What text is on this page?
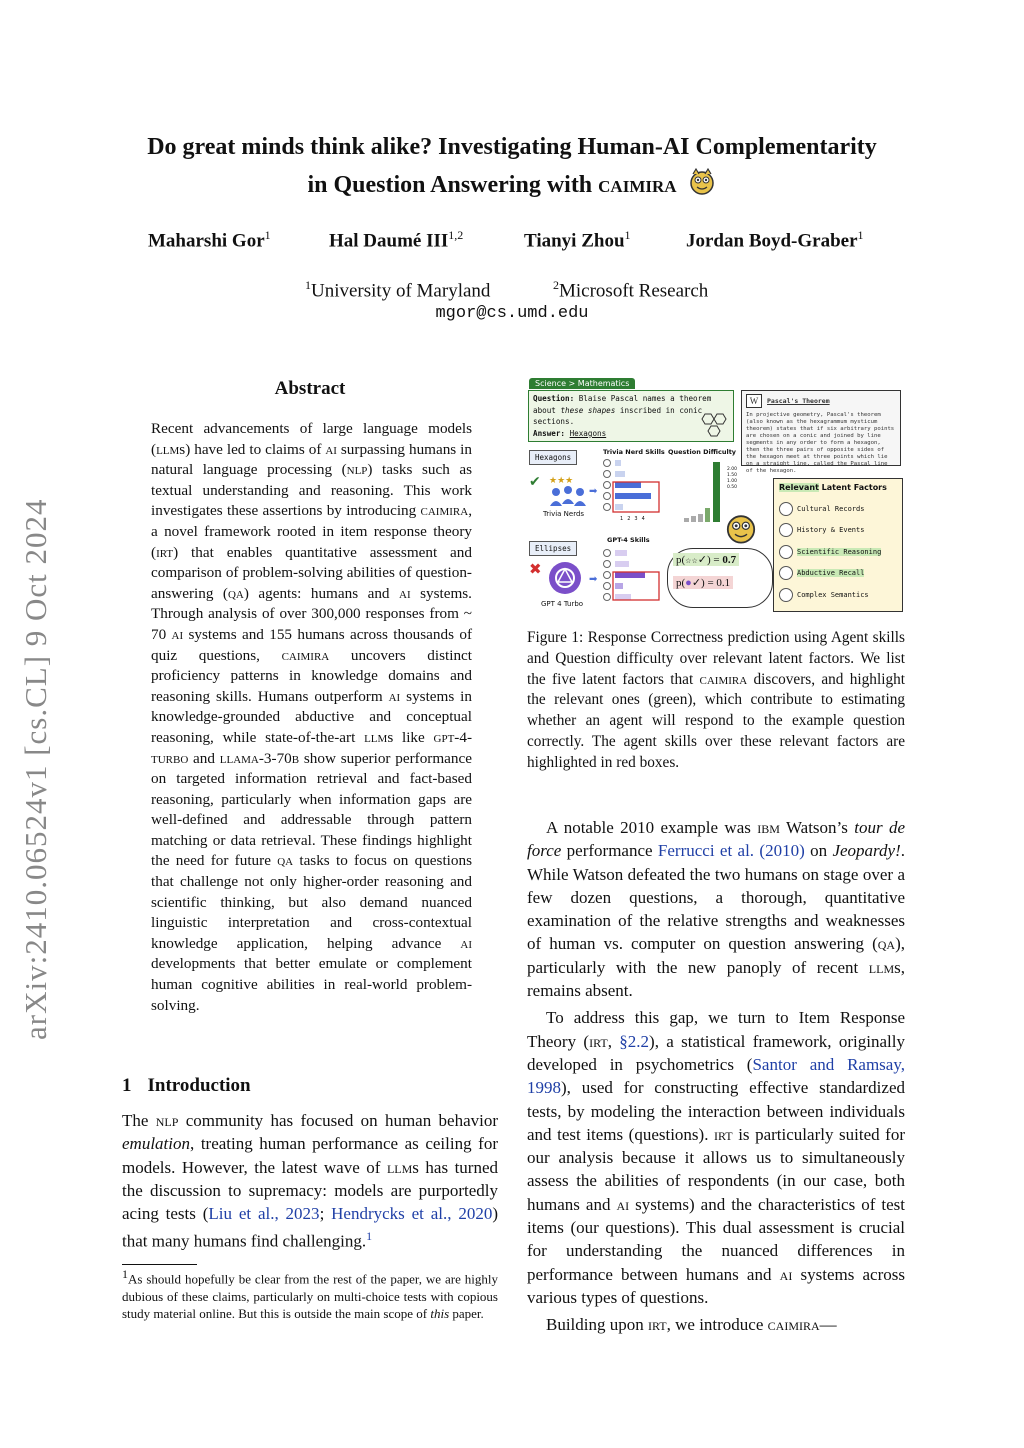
Do great minds think alike? Investigating Human-AI Complementarity
in Question Answering with caimira
Maharshi Gor$^1$	Hal Daumé III$^{1,2}$	Tianyi Zhou$^1$	Jordan Boyd-Graber$^1$
$^1$University of Maryland	$^2$Microsoft Research
mgor@cs.umd.edu
arXiv:2410.06524v1 [cs.CL] 9 Oct 2024
Abstract
Recent advancements of large language models (llms) have led to claims of ai surpassing humans in natural language processing (nlp) tasks such as textual understanding and reasoning. This work investigates these assertions by introducing caimira, a novel framework rooted in item response theory (irt) that enables quantitative assessment and comparison of problem-solving abilities of question-answering (qa) agents: humans and ai systems. Through analysis of over 300,000 responses from ~ 70 ai systems and 155 humans across thousands of quiz questions, caimira uncovers distinct proficiency patterns in knowledge domains and reasoning skills. Humans outperform ai systems in knowledge-grounded abductive and conceptual reasoning, while state-of-the-art llms like gpt-4-turbo and llama-3-70b show superior performance on targeted information retrieval and fact-based reasoning, particularly when information gaps are well-defined and addressable through pattern matching or data retrieval. These findings highlight the need for future qa tasks to focus on questions that challenge not only higher-order reasoning and scientific thinking, but also demand nuanced linguistic interpretation and cross-contextual knowledge application, helping advance ai developments that better emulate or complement human cognitive abilities in real-world problem-solving.
1 Introduction
The nlp community has focused on human behavior emulation, treating human performance as ceiling for models. However, the latest wave of llms has turned the discussion to supremacy: models are purportedly acing tests (Liu et al., 2023; Hendrycks et al., 2020) that many humans find challenging.$^1$
$^1$As should hopefully be clear from the rest of the paper, we are highly dubious of these claims, particularly on multi-choice tests with copious study material online. But this is outside the main scope of this paper.
Science > Mathematics
Question: Blaise Pascal names a theorem about these shapes inscribed in conic sections.
Answer: Hexagons
W	Pascal's Theorem
In projective geometry, Pascal's theorem (also known as the hexagrammum mysticum theorem) states that if six arbitrary points are chosen on a conic and joined by line segments in any order to form a hexagon, then the three pairs of opposite sides of the hexagon meet at three points which lie on a straight line, called the Pascal line of the hexagon.
Hexagons
✔ ★★★
Trivia Nerds
Ellipses
✖
GPT 4 Turbo
➡
➡
Trivia Nerd Skills Question Difficulty
GPT-4 Skills
1234
2.00
1.50
1.00
0.50
p(☆☆✓) = 0.7
p(●✓) = 0.1
Relevant Latent Factors
Cultural Records
History & Events
Scientific Reasoning
Abductive Recall
Complex Semantics
Figure 1: Response Correctness prediction using Agent skills and Question difficulty over relevant latent factors. We list the five latent factors that caimira discovers, and highlight the relevant ones (green), which contribute to estimating whether an agent will respond to the example question correctly. The agent skills over these relevant factors are highlighted in red boxes.

A notable 2010 example was ibm Watson’s tour de force performance Ferrucci et al. (2010) on Jeopardy!. While Watson defeated the two humans on stage over a few dozen questions, a thorough, quantitative examination of the relative strengths and weaknesses of human vs. computer on question answering (qa), particularly with the new panoply of recent llms, remains absent.

To address this gap, we turn to Item Response Theory (irt, §2.2), a statistical framework, originally developed in psychometrics (Santor and Ramsay, 1998), used for constructing effective standardized tests, by modeling the interaction between individuals and test items (questions). irt is particularly suited for our analysis because it allows us to simultaneously assess the abilities of respondents (in our case, both humans and ai systems) and the characteristics of test items (our questions). This dual assessment is crucial for understanding the nuanced differences in performance between humans and ai systems across various types of questions.

Building upon irt, we introduce caimira—
